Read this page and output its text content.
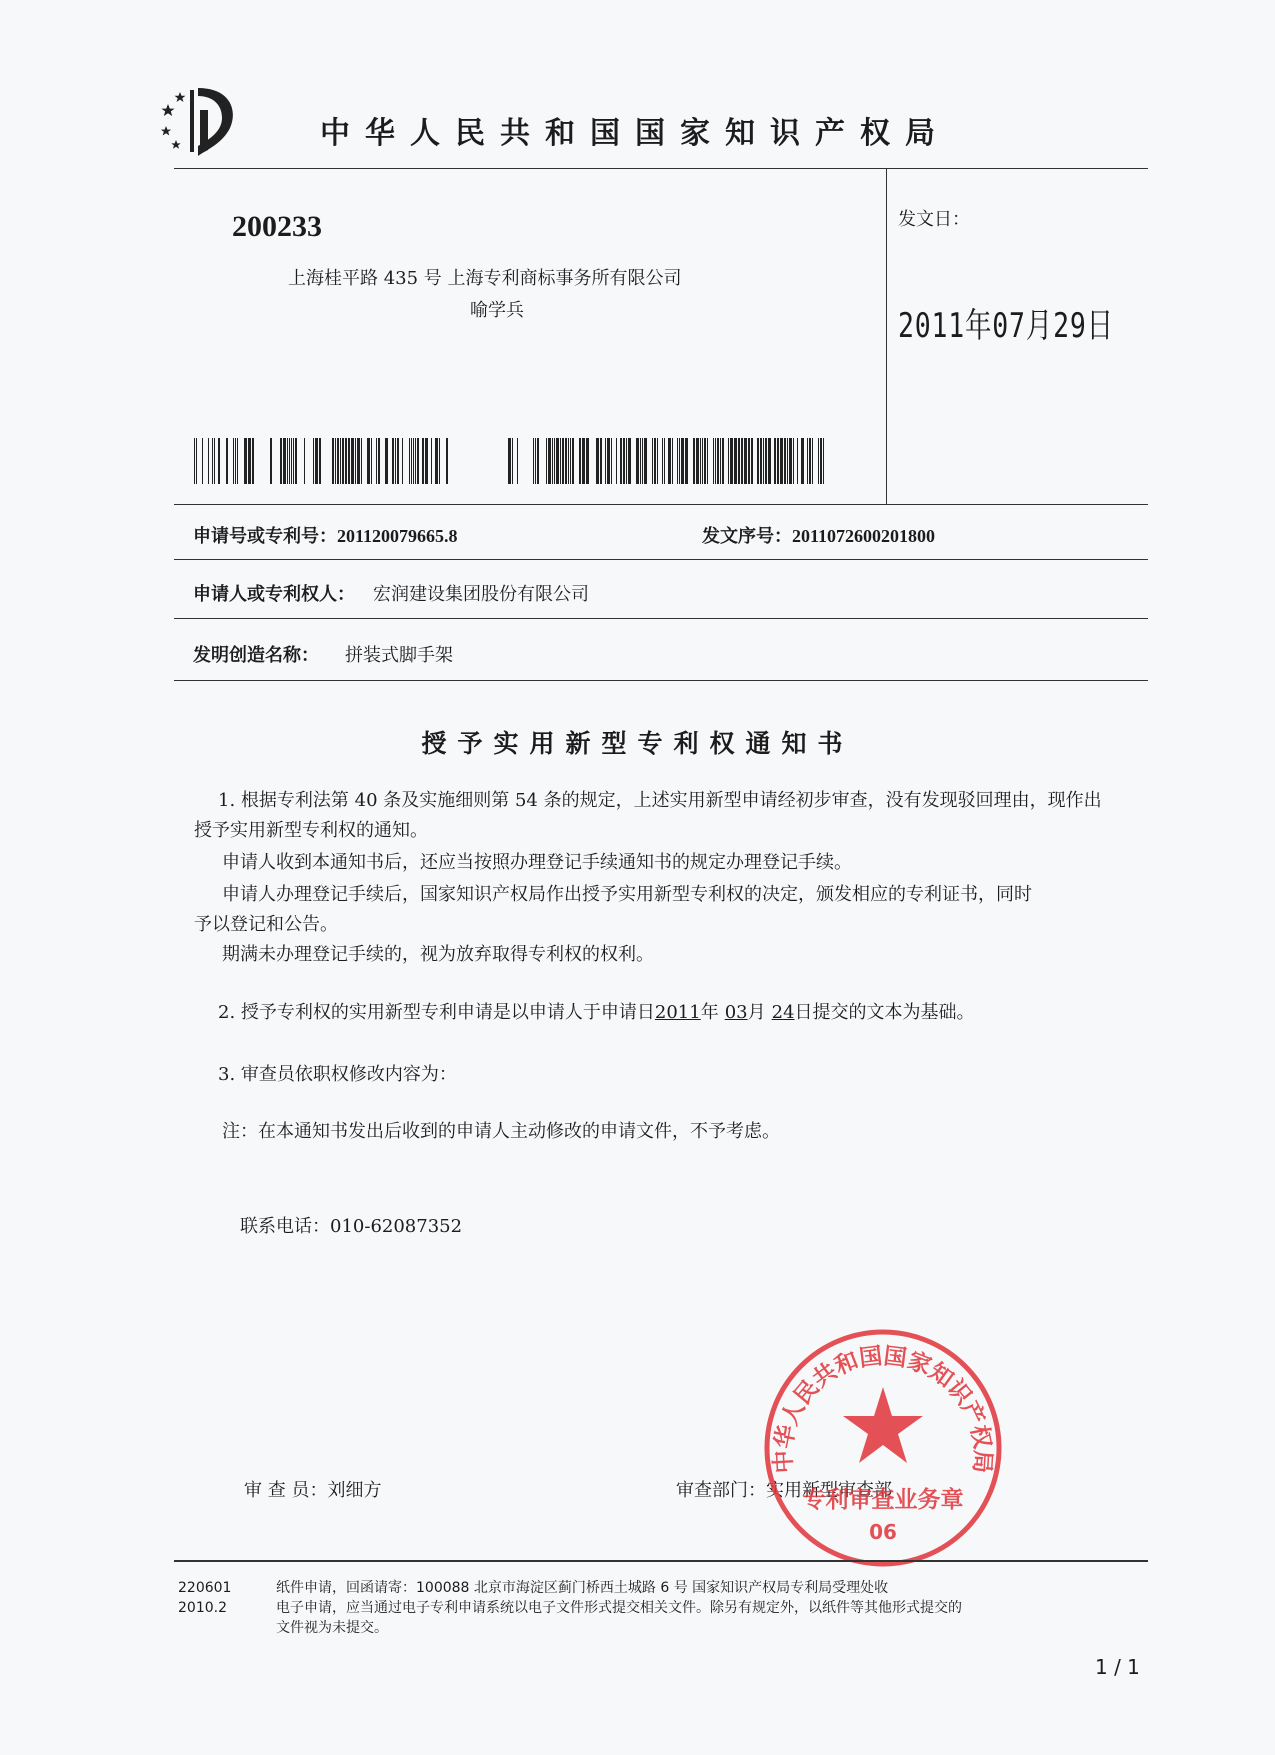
中华人民共和国国家知识产权局
200233
上海桂平路 435 号 上海专利商标事务所有限公司
喻学兵
发文日：
2011年07月29日
申请号或专利号：201120079665.8	发文序号：2011072600201800
申请人或专利权人： 宏润建设集团股份有限公司
发明创造名称： 拼装式脚手架
授予实用新型专利权通知书
1. 根据专利法第 40 条及实施细则第 54 条的规定，上述实用新型申请经初步审查，没有发现驳回理由，现作出
授予实用新型专利权的通知。
申请人收到本通知书后，还应当按照办理登记手续通知书的规定办理登记手续。
申请人办理登记手续后，国家知识产权局作出授予实用新型专利权的决定，颁发相应的专利证书，同时
予以登记和公告。
期满未办理登记手续的，视为放弃取得专利权的权利。
2. 授予专利权的实用新型专利申请是以申请人于申请日2011年 03月 24日提交的文本为基础。
3. 审查员依职权修改内容为：
注：在本通知书发出后收到的申请人主动修改的申请文件，不予考虑。
联系电话：010-62087352
审 查 员：刘细方	审查部门：实用新型审查部
中华人民共和国国家知识产权局
专利审查业务章
06
220601
2010.2
纸件申请，回函请寄：100088 北京市海淀区蓟门桥西土城路 6 号 国家知识产权局专利局受理处收
电子申请，应当通过电子专利申请系统以电子文件形式提交相关文件。除另有规定外，以纸件等其他形式提交的
文件视为未提交。
1 / 1
